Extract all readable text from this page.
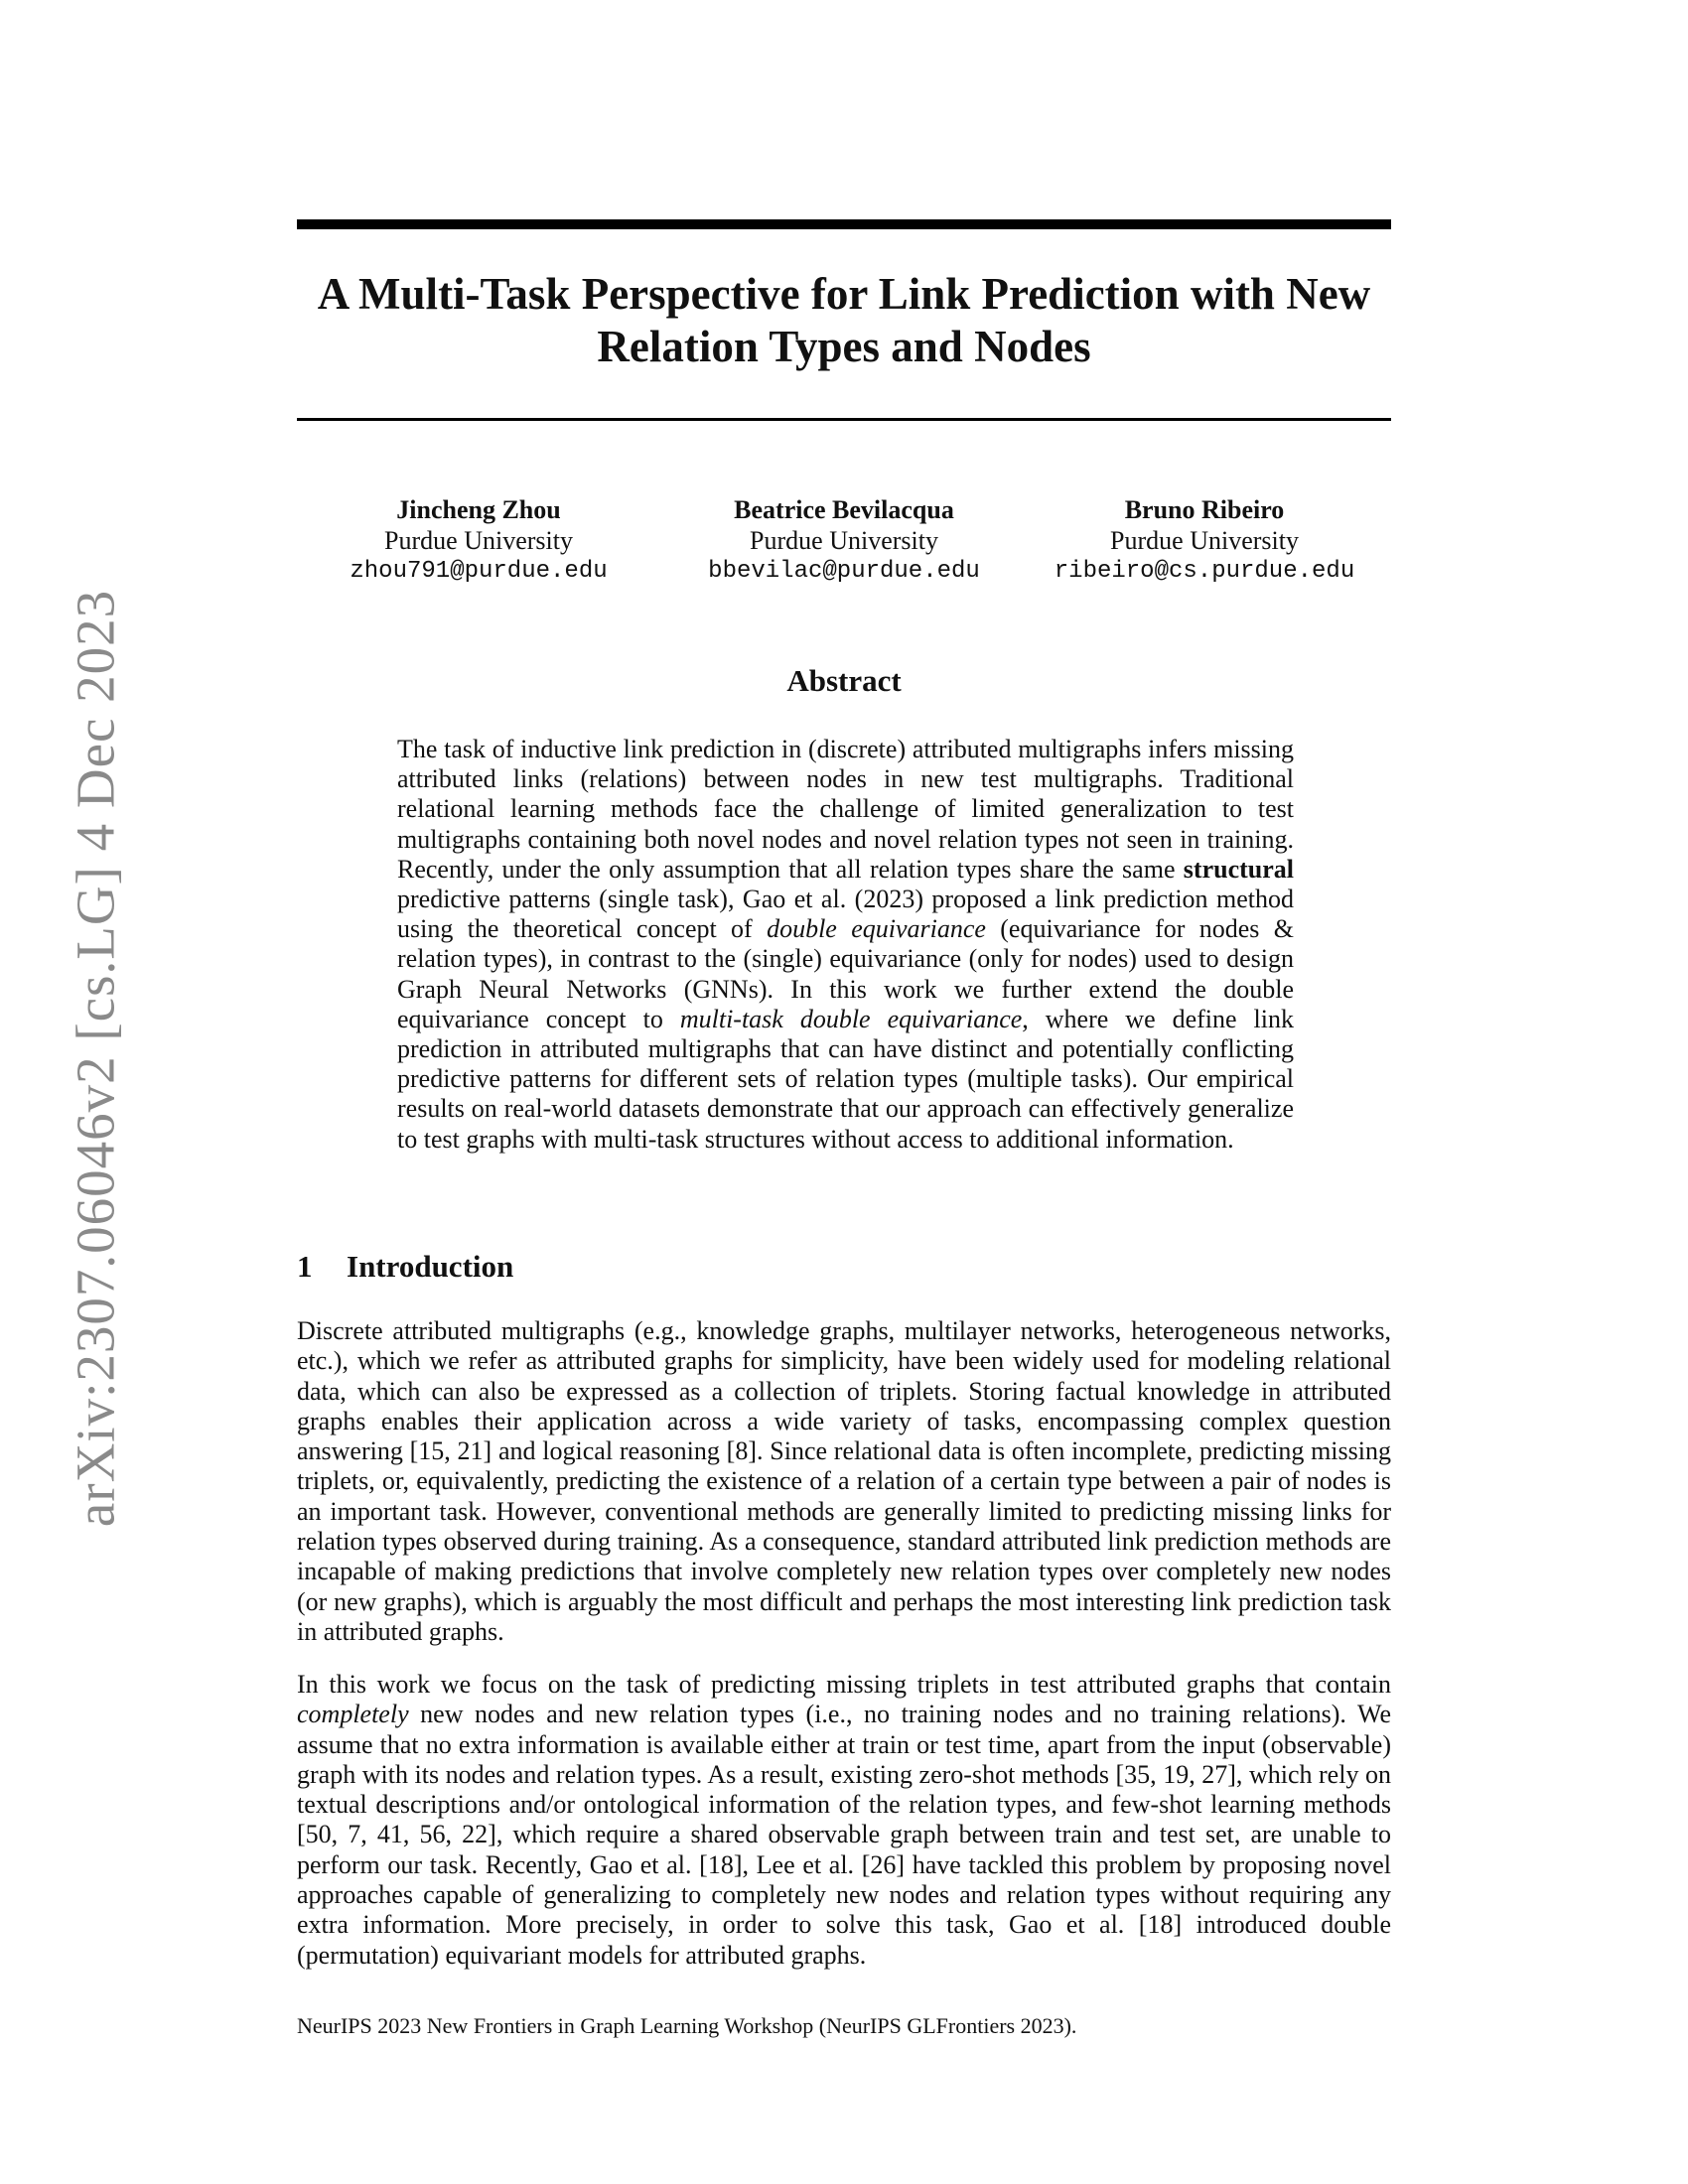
arXiv:2307.06046v2 [cs.LG] 4 Dec 2023
A Multi-Task Perspective for Link Prediction with New Relation Types and Nodes
Jincheng Zhou
Purdue University
zhou791@purdue.edu
Beatrice Bevilacqua
Purdue University
bbevilac@purdue.edu
Bruno Ribeiro
Purdue University
ribeiro@cs.purdue.edu
Abstract

The task of inductive link prediction in (discrete) attributed multigraphs infers missing attributed links (relations) between nodes in new test multigraphs. Traditional relational learning methods face the challenge of limited generalization to test multigraphs containing both novel nodes and novel relation types not seen in training. Recently, under the only assumption that all relation types share the same structural predictive patterns (single task), Gao et al. (2023) proposed a link prediction method using the theoretical concept of double equivariance (equivariance for nodes & relation types), in contrast to the (single) equivariance (only for nodes) used to design Graph Neural Networks (GNNs). In this work we further extend the double equivariance concept to multi-task double equivariance, where we define link prediction in attributed multigraphs that can have distinct and potentially conflicting predictive patterns for different sets of relation types (multiple tasks). Our empirical results on real-world datasets demonstrate that our approach can effectively generalize to test graphs with multi-task structures without access to additional information.

1 Introduction

Discrete attributed multigraphs (e.g., knowledge graphs, multilayer networks, heterogeneous networks, etc.), which we refer as attributed graphs for simplicity, have been widely used for modeling relational data, which can also be expressed as a collection of triplets. Storing factual knowledge in attributed graphs enables their application across a wide variety of tasks, encompassing complex question answering [15, 21] and logical reasoning [8]. Since relational data is often incomplete, predicting missing triplets, or, equivalently, predicting the existence of a relation of a certain type between a pair of nodes is an important task. However, conventional methods are generally limited to predicting missing links for relation types observed during training. As a consequence, standard attributed link prediction methods are incapable of making predictions that involve completely new relation types over completely new nodes (or new graphs), which is arguably the most difficult and perhaps the most interesting link prediction task in attributed graphs.

In this work we focus on the task of predicting missing triplets in test attributed graphs that contain completely new nodes and new relation types (i.e., no training nodes and no training relations). We assume that no extra information is available either at train or test time, apart from the input (observable) graph with its nodes and relation types. As a result, existing zero-shot methods [35, 19, 27], which rely on textual descriptions and/or ontological information of the relation types, and few-shot learning methods [50, 7, 41, 56, 22], which require a shared observable graph between train and test set, are unable to perform our task. Recently, Gao et al. [18], Lee et al. [26] have tackled this problem by proposing novel approaches capable of generalizing to completely new nodes and relation types without requiring any extra information. More precisely, in order to solve this task, Gao et al. [18] introduced double (permutation) equivariant models for attributed graphs.

NeurIPS 2023 New Frontiers in Graph Learning Workshop (NeurIPS GLFrontiers 2023).
